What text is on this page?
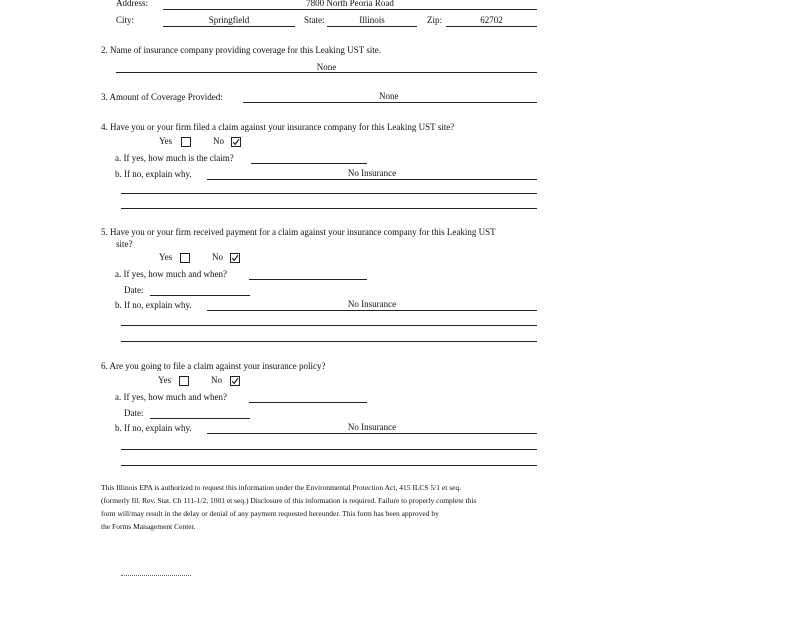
Address:	7800 North Peoria Road
City:	Springfield	State:	Illinois	Zip:	62702
2. Name of insurance company providing coverage for this Leaking UST site.
None
3. Amount of Coverage Provided:	None
4. Have you or your firm filed a claim against your insurance company for this Leaking UST site?
Yes	No
a. If yes, how much is the claim?
b. If no, explain why.	No Insurance
5. Have you or your firm received payment for a claim against your insurance company for this Leaking UST
site?
Yes	No
a. If yes, how much and when?
Date:
b. If no, explain why.	No Insurance
6. Are you going to file a claim against your insurance policy?
Yes	No
a. If yes, how much and when?
Date:
b. If no, explain why.	No Insurance
This Illinois EPA is authorized to request this information under the Environmental Protection Act, 415 ILCS 5/1 et seq.
(formerly Ill. Rev. Stat. Ch 111-1/2, 1001 et seq.) Disclosure of this information is required. Failure to properly complete this
form will/may result in the delay or denial of any payment requested hereunder. This form has been approved by
the Forms Management Center.
